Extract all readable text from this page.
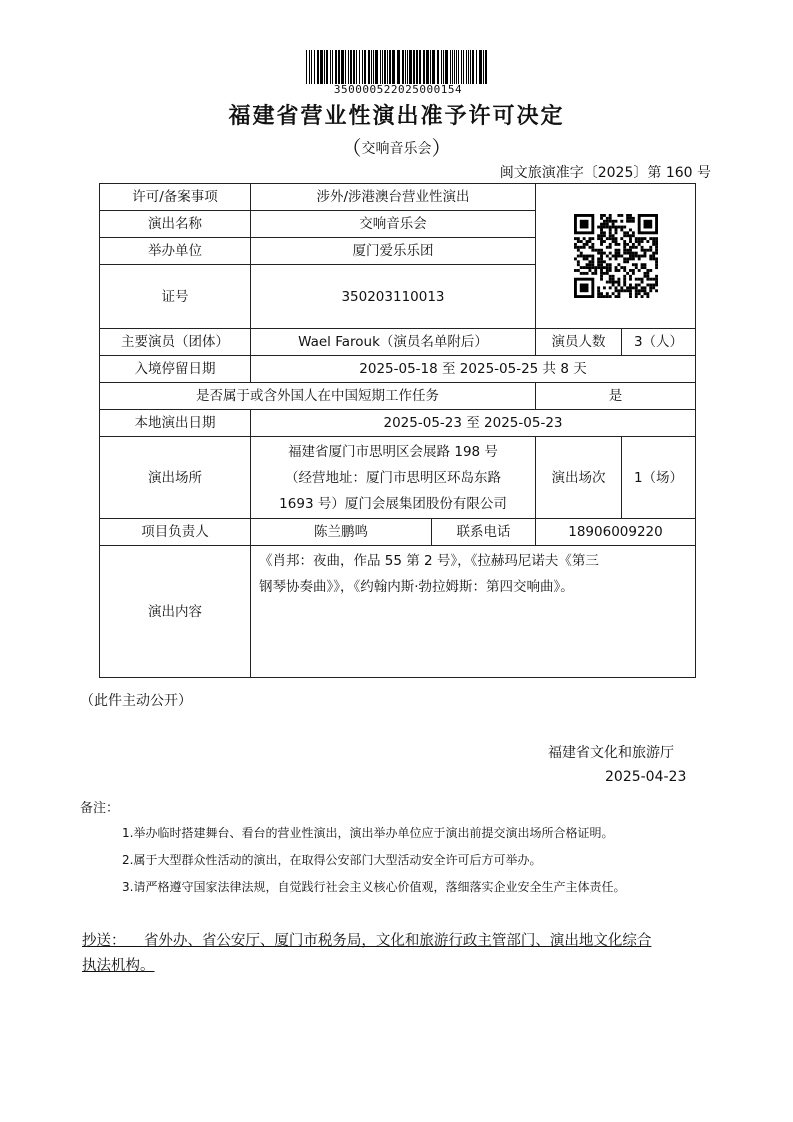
350000522025000154
福建省营业性演出准予许可决定
（交响音乐会）
闽文旅演准字〔2025〕第 160 号
许可/备案事项	涉外/涉港澳台营业性演出	

演出名称	交响音乐会			
举办单位	厦门爱乐乐团			
证号	350203110013			
主要演员（团体）	Wael Farouk（演员名单附后）		演员人数	3（人）
入境停留日期	2025-05-18 至 2025-05-25 共 8 天			
是否属于或含外国人在中国短期工作任务			是	
本地演出日期	2025-05-23 至 2025-05-23			
演出场所	福建省厦门市思明区会展路 198 号
（经营地址：厦门市思明区环岛东路
1693 号）厦门会展集团股份有限公司		演出场次	1（场）
项目负责人	陈兰鹏鸣	联系电话	18906009220	
演出内容	《肖邦：夜曲，作品 55 第 2 号》，《拉赫玛尼诺夫《第三
钢琴协奏曲》》，《约翰内斯·勃拉姆斯：第四交响曲》。			
（此件主动公开）
福建省文化和旅游厅
2025-04-23
备注：
1.举办临时搭建舞台、看台的营业性演出，演出举办单位应于演出前提交演出场所合格证明。
2.属于大型群众性活动的演出，在取得公安部门大型活动安全许可后方可举办。
3.请严格遵守国家法律法规，自觉践行社会主义核心价值观，落细落实企业安全生产主体责任。
抄送： 省外办、省公安厅、厦门市税务局，文化和旅游行政主管部门、演出地文化综合
执法机构。
